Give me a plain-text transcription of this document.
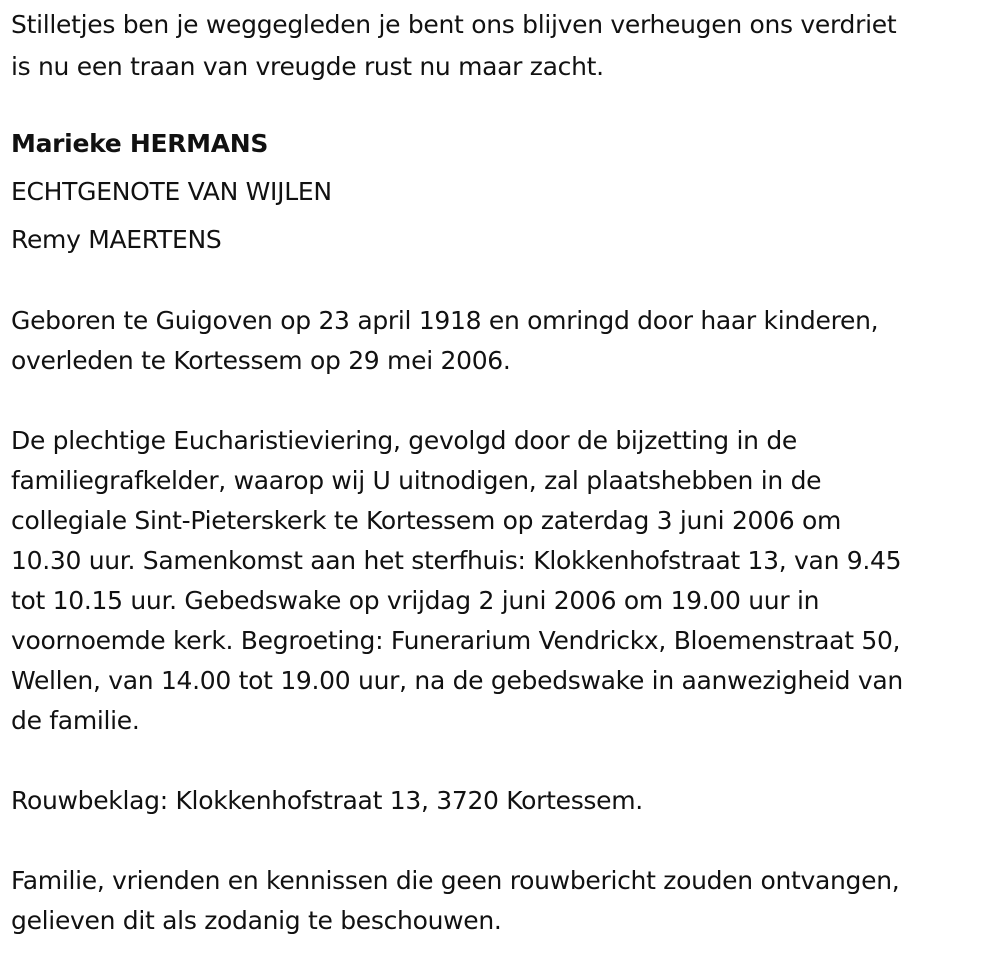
Stilletjes ben je weggegleden je bent ons blijven verheugen ons verdriet
is nu een traan van vreugde rust nu maar zacht.
Marieke HERMANS
ECHTGENOTE VAN WIJLEN
Remy MAERTENS
Geboren te Guigoven op 23 april 1918 en omringd door haar kinderen,
overleden te Kortessem op 29 mei 2006.
De plechtige Eucharistieviering, gevolgd door de bijzetting in de
familiegrafkelder, waarop wij U uitnodigen, zal plaatshebben in de
collegiale Sint-Pieterskerk te Kortessem op zaterdag 3 juni 2006 om
10.30 uur. Samenkomst aan het sterfhuis: Klokkenhofstraat 13, van 9.45
tot 10.15 uur. Gebedswake op vrijdag 2 juni 2006 om 19.00 uur in
voornoemde kerk. Begroeting: Funerarium Vendrickx, Bloemenstraat 50,
Wellen, van 14.00 tot 19.00 uur, na de gebedswake in aanwezigheid van
de familie.
Rouwbeklag: Klokkenhofstraat 13, 3720 Kortessem.
Familie, vrienden en kennissen die geen rouwbericht zouden ontvangen,
gelieven dit als zodanig te beschouwen.
